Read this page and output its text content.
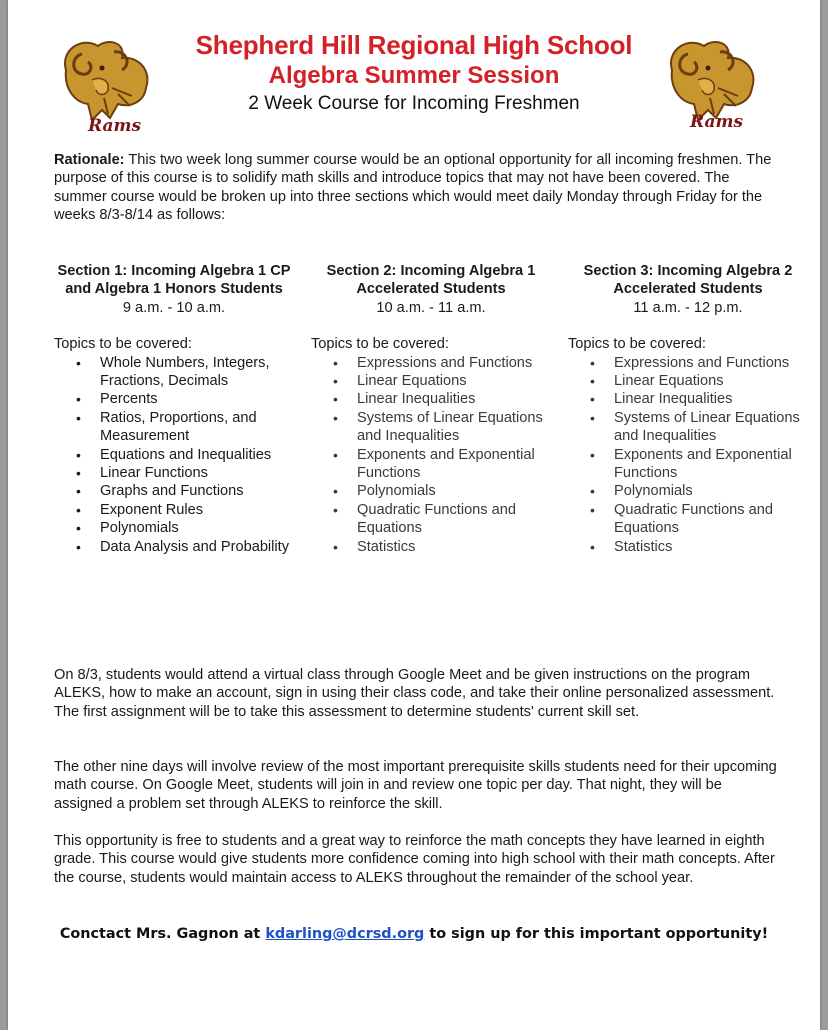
Rams	Rams
Shepherd Hill Regional High School
Algebra Summer Session
2 Week Course for Incoming Freshmen
Rationale: This two week long summer course would be an optional opportunity for all incoming freshmen. The purpose of this course is to solidify math skills and introduce topics that may not have been covered. The summer course would be broken up into three sections which would meet daily Monday through Friday for the weeks 8/3-8/14 as follows:
Section 1: Incoming Algebra 1 CP and Algebra 1 Honors Students
9 a.m. - 10 a.m.
Topics to be covered:
• Whole Numbers, Integers, Fractions, Decimals
• Percents
• Ratios, Proportions, and Measurement
• Equations and Inequalities
• Linear Functions
• Graphs and Functions
• Exponent Rules
• Polynomials
• Data Analysis and Probability
Section 2: Incoming Algebra 1 Accelerated Students
10 a.m. - 11 a.m.
Topics to be covered:
• Expressions and Functions
• Linear Equations
• Linear Inequalities
• Systems of Linear Equations and Inequalities
• Exponents and Exponential Functions
• Polynomials
• Quadratic Functions and Equations
• Statistics
Section 3: Incoming Algebra 2 Accelerated Students
11 a.m. - 12 p.m.
Topics to be covered:
• Expressions and Functions
• Linear Equations
• Linear Inequalities
• Systems of Linear Equations and Inequalities
• Exponents and Exponential Functions
• Polynomials
• Quadratic Functions and Equations
• Statistics
On 8/3, students would attend a virtual class through Google Meet and be given instructions on the program ALEKS, how to make an account, sign in using their class code, and take their online personalized assessment. The first assignment will be to take this assessment to determine students' current skill set.
The other nine days will involve review of the most important prerequisite skills students need for their upcoming math course. On Google Meet, students will join in and review one topic per day. That night, they will be assigned a problem set through ALEKS to reinforce the skill.
This opportunity is free to students and a great way to reinforce the math concepts they have learned in eighth grade. This course would give students more confidence coming into high school with their math concepts. After the course, students would maintain access to ALEKS throughout the remainder of the school year.
Conctact Mrs. Gagnon at kdarling@dcrsd.org to sign up for this important opportunity!
